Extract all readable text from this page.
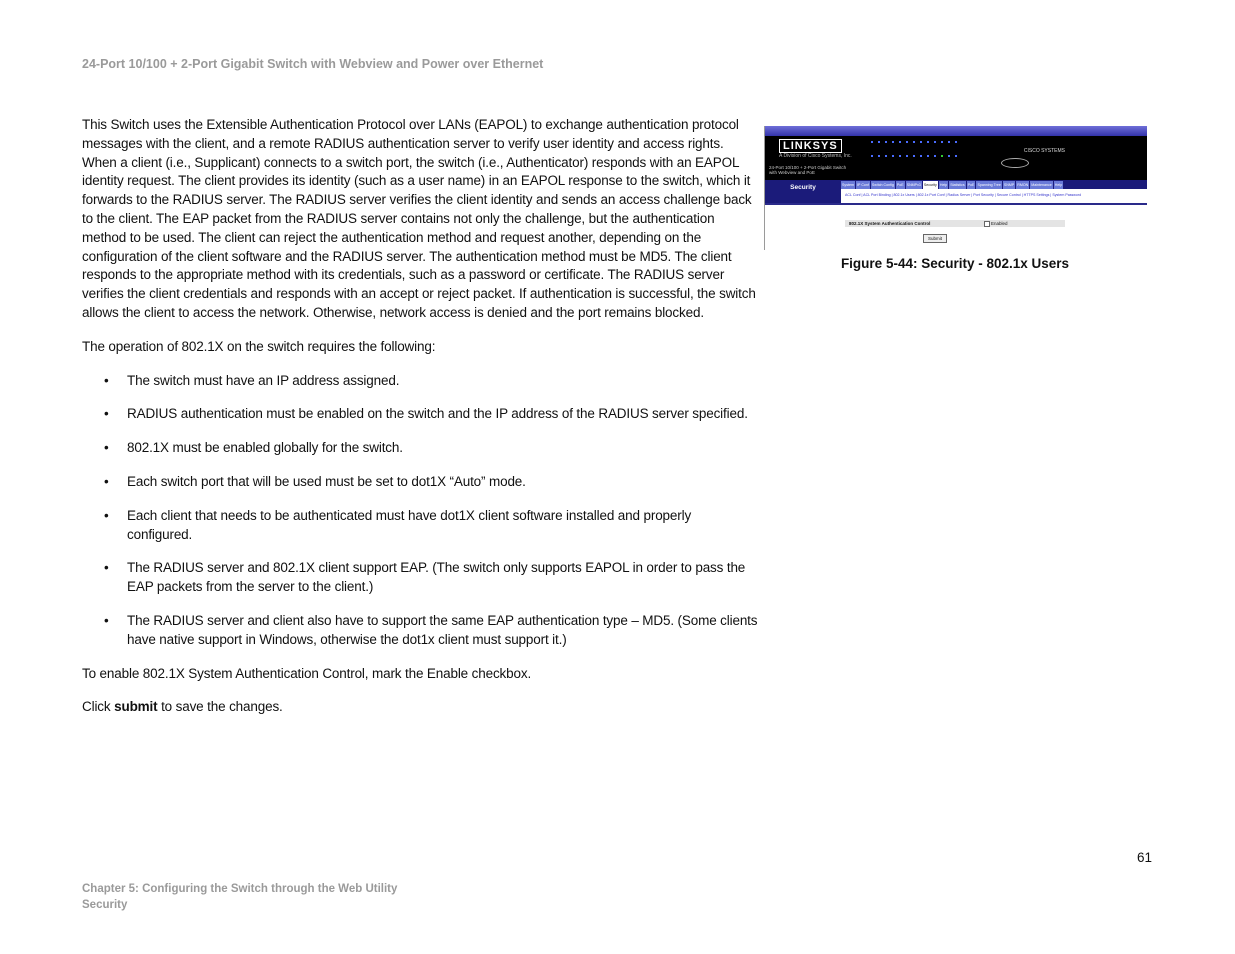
24-Port 10/100 + 2-Port Gigabit Switch with Webview and Power over Ethernet

This Switch uses the Extensible Authentication Protocol over LANs (EAPOL) to exchange authentication protocol messages with the client, and a remote RADIUS authentication server to verify user identity and access rights. When a client (i.e., Supplicant) connects to a switch port, the switch (i.e., Authenticator) responds with an EAPOL identity request. The client provides its identity (such as a user name) in an EAPOL response to the switch, which it forwards to the RADIUS server. The RADIUS server verifies the client identity and sends an access challenge back to the client. The EAP packet from the RADIUS server contains not only the challenge, but the authentication method to be used. The client can reject the authentication method and request another, depending on the configuration of the client software and the RADIUS server. The authentication method must be MD5. The client responds to the appropriate method with its credentials, such as a password or certificate. The RADIUS server verifies the client credentials and responds with an accept or reject packet. If authentication is successful, the switch allows the client to access the network. Otherwise, network access is denied and the port remains blocked.

The operation of 802.1X on the switch requires the following:

• The switch must have an IP address assigned.
• RADIUS authentication must be enabled on the switch and the IP address of the RADIUS server specified.
• 802.1X must be enabled globally for the switch.
• Each switch port that will be used must be set to dot1X “Auto” mode.
• Each client that needs to be authenticated must have dot1X client software installed and properly configured.
• The RADIUS server and 802.1X client support EAP. (The switch only supports EAPOL in order to pass the EAP packets from the server to the client.)
• The RADIUS server and client also have to support the same EAP authentication type – MD5. (Some clients have native support in Windows, otherwise the dot1x client must support it.)

To enable 802.1X System Authentication Control, mark the Enable checkbox.

Click submit to save the changes.

LINKSYS
A Division of Cisco Systems, Inc.
24-Port 10/100 + 2-Port Gigabit Switch with Webview and PoE
CISCO SYSTEMS
Security	System IP Conf Switch Config PoE SNMPv3 Security Help Statistics PoE Spanning Tree SNMP RMON Maintenance Help
ACL Conf | ACL Port Binding | 802.1x Users | 802.1x Port Conf | Radius Server | Port Security | Secure Control | HTTPS Settings | System Password
802.1X System Authentication Control	Enabled
Submit
Figure 5-44: Security - 802.1x Users
61
Chapter 5: Configuring the Switch through the Web Utility
Security
